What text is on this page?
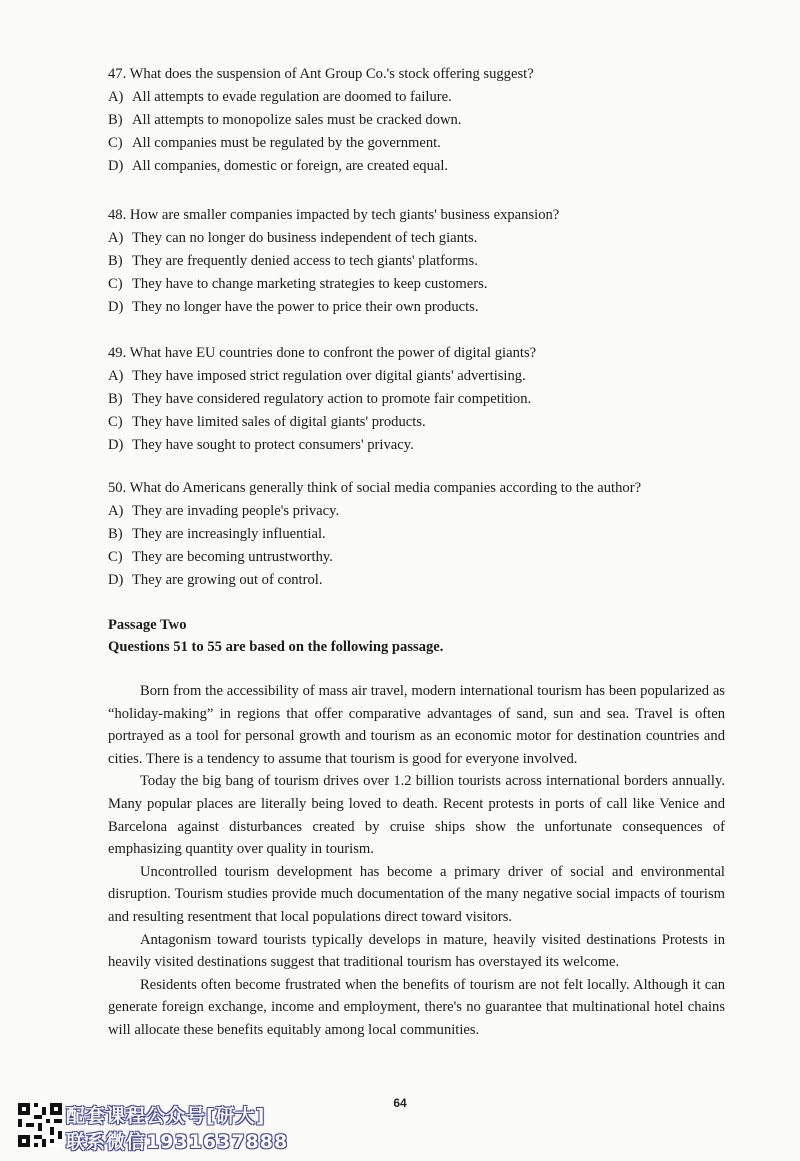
47. What does the suspension of Ant Group Co.'s stock offering suggest?
A) All attempts to evade regulation are doomed to failure.
B) All attempts to monopolize sales must be cracked down.
C) All companies must be regulated by the government.
D) All companies, domestic or foreign, are created equal.
48. How are smaller companies impacted by tech giants' business expansion?
A) They can no longer do business independent of tech giants.
B) They are frequently denied access to tech giants' platforms.
C) They have to change marketing strategies to keep customers.
D) They no longer have the power to price their own products.
49. What have EU countries done to confront the power of digital giants?
A) They have imposed strict regulation over digital giants' advertising.
B) They have considered regulatory action to promote fair competition.
C) They have limited sales of digital giants' products.
D) They have sought to protect consumers' privacy.
50. What do Americans generally think of social media companies according to the author?
A) They are invading people's privacy.
B) They are increasingly influential.
C) They are becoming untrustworthy.
D) They are growing out of control.
Passage Two
Questions 51 to 55 are based on the following passage.

Born from the accessibility of mass air travel, modern international tourism has been popularized as “holiday-making” in regions that offer comparative advantages of sand, sun and sea. Travel is often portrayed as a tool for personal growth and tourism as an economic motor for destination countries and cities. There is a tendency to assume that tourism is good for everyone involved.

Today the big bang of tourism drives over 1.2 billion tourists across international borders annually. Many popular places are literally being loved to death. Recent protests in ports of call like Venice and Barcelona against disturbances created by cruise ships show the unfortunate consequences of emphasizing quantity over quality in tourism.

Uncontrolled tourism development has become a primary driver of social and environmental disruption. Tourism studies provide much documentation of the many negative social impacts of tourism and resulting resentment that local populations direct toward visitors.

Antagonism toward tourists typically develops in mature, heavily visited destinations Protests in heavily visited destinations suggest that traditional tourism has overstayed its welcome.

Residents often become frustrated when the benefits of tourism are not felt locally. Although it can generate foreign exchange, income and employment, there's no guarantee that multinational hotel chains will allocate these benefits equitably among local communities.

64
配套课程公众号[研大]
联系微信1931637888
